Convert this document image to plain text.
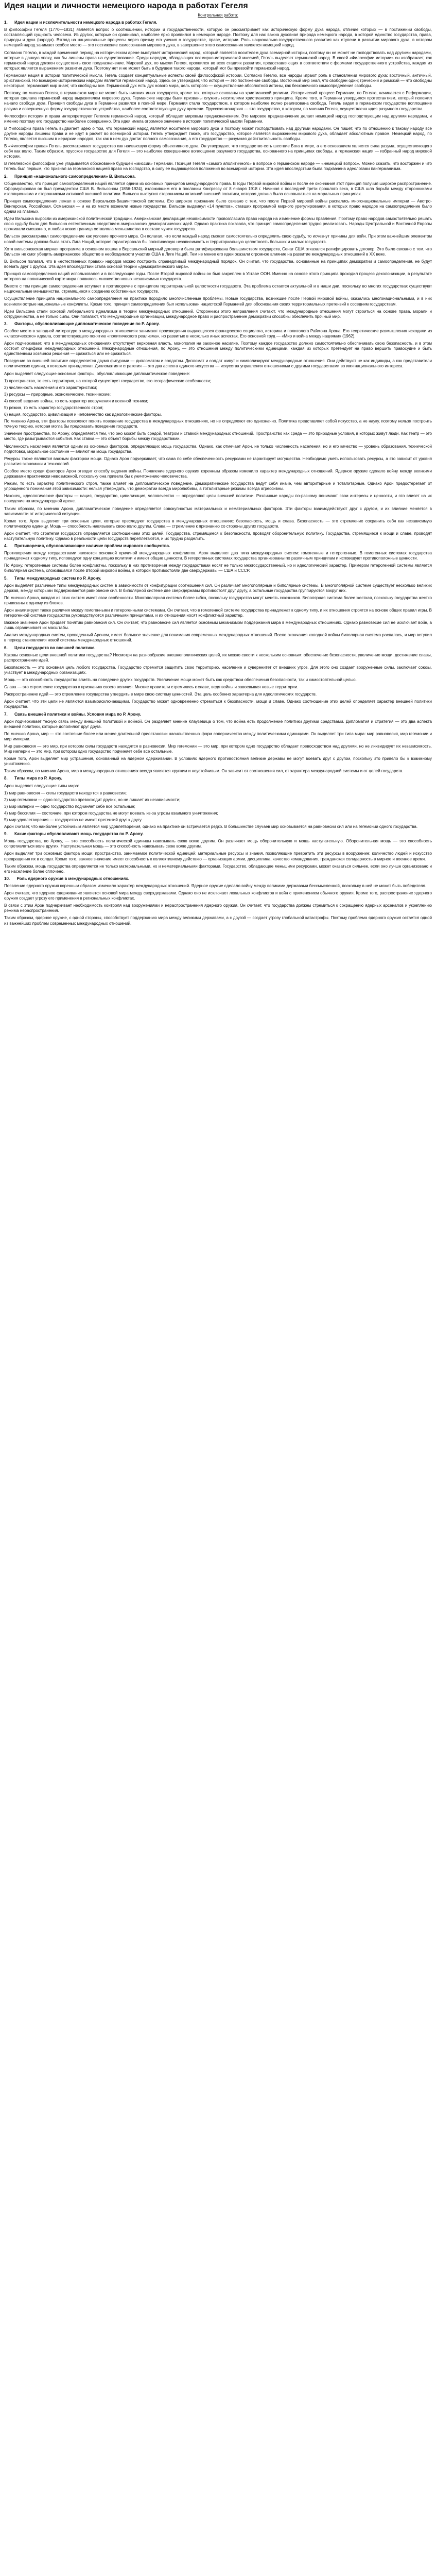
Идея нации и личности немецкого народа в работах Гегеля
Контрольная работа:
1.      Идея нации и исключительности немецкого народа в работах Гегеля.

В философии Гегеля (1770—1831) является вопрос о соотношении, истории и государственности, которую он рассматривает как историческую форму духа народа, отличие которых — в постижении свободы, составляющий сущность человека. Из других, которые он сравнивал, наиболее ярко проявился в немецком народе. Поэтому для нас важна духовная природа немецкого народа, в которой единство государства, права, природы и духа (народа). Взгляд на национальные процессы через призму его учения о государстве, праве, истории. Роль национально-государственного развития как ступени в развитии мирового духа, в котором немецкий народ занимает особое место — это постижение самосознания мирового духа, в завершение этого самосознания является немецкий народ.

Согласно Гегелю, в каждой временной период на историческом арене выступает исторический народ, который является носителем духа всемирной истории, поэтому он не может не господствовать над другими народами, которые в данную эпоху, как бы лишены права на существование. Среди народов, обладающих всемирно-исторической миссией, Гегель выделяет германский народ. В своей «Философии истории» он изображает, как германский народ должен осуществить свое предназначение. Мировой дух, по мысли Гегеля, проявился во всех стадиях развития, предоставляющих в соответствии с формами государственного устройства, каждая из которых является выражением развития духа. Поэтому нет и не может быть в будущем такого народа, который мог бы превзойти германский народ.

Германская нация в истории политической мысли. Гегель создает концептуальные аспекты своей философской истории. Согласно Гегелю, все народы играют роль в становлении мирового духа: восточный, античный, христианский. Но всемирно-историческим народом является германский народ. Здесь он утверждает, что история — это постижение свободы. Восточный мир знал, что свободен один; греческий и римский — что свободны некоторые; германский мир знает, что свободны все. Германский дух есть дух нового мира, цель которого — осуществление абсолютной истины, как бесконечного самоопределения свободы.

Поэтому, по мнению Гегеля, в германском мире не может быть никаких иных государств, кроме тех, которые основаны на христианской религии. Исторический процесс Германии, по Гегелю, начинается с Реформации, которая сделала германский народ выразителем мирового духа. Германские народы были призваны служить носителями христианского принципа. Кроме того, в Германии утвердился протестантизм, который положил начало свободе духа. Принцип свободы духа в Германии развился в полной мере. Германия стала государством, в котором наиболее полно реализована свобода. Гегель видел в германском государстве воплощение разума и совершенную форму государственного устройства, наиболее соответствующую духу времени. Прусская монархия — это государство, в котором, по мнению Гегеля, осуществлена идея разумного государства.

Философия истории и права интерпретируют Гегелем германский народ, который обладает мировым предназначением. Это мировое предназначение делает немецкий народ господствующим над другими народами, и именно поэтому его государство наиболее совершенно. Эта идея имела огромное значение в истории политической мысли Германии.

В Философии права Гегель выдвигает идею о том, что германский народ является носителем мирового духа и поэтому может господствовать над другими народами. Он пишет, что по отношению к такому народу все другие народы лишены права и не идут в расчет во всемирной истории. Гегель утверждает также, что государство, которое является выражением мирового духа, обладает абсолютным правом. Немецкий народ, по Гегелю, является высшим в иерархии народов, так как в нем дух достиг полного самосознания, а его государство — разумная действительность свободы.

В «Философии права» Гегель рассматривает государство как наивысшую форму объективного духа. Он утверждает, что государство есть шествие Бога в мире, а его основанием является сила разума, осуществляющего себя как волю. Таким образом, прусское государство для Гегеля — это наиболее совершенное воплощение разумного государства, основанного на принципах свободы, а германская нация — избранный народ мировой истории.

В гегелевской философии уже угадывается обоснование будущей «миссии» Германии. Позиция Гегеля «самого аполитичного» в вопросе о германском народе — «немецкий вопрос». Можно сказать, что восторжен и что Гегель был первым, кто признал за германской нацией право на господство, в силу ее выдающегося положения во всемирной истории. Эта идея впоследствии была подхвачена идеологами пангерманизма.

2.      Принцип «национального самоопределения» В. Вильсона.

Общеизвестно, что принцип самоопределения наций является одним из основных принципов международного права. В годы Первой мировой войны и после ее окончания этот принцип получил широкое распространение. Сформулирован он был президентом США В. Вильсоном (1856-1924), изложившим его в послании Конгрессу от 8 января 1918 г. Начиная с последней трети прошлого века, в США шла борьба между сторонниками изоляционизма и сторонниками активной внешней политики. Вильсон выступил сторонником активной внешней политики, которая должна была основываться на моральных принципах.

Принцип самоопределения лежал в основе Версальско-Вашингтонской системы. Его широкое признание было связано с тем, что после Первой мировой войны распались многонациональные империи — Австро-Венгерская, Российская, Османская — и на их месте возникли новые государства. Вильсон выдвинул «14 пунктов», ставших программой мирного урегулирования, в которых право народов на самоопределение было одним из главных.

Идеи Вильсона выросли из американской политической традиции. Американская декларация независимости провозгласила право народа на изменение формы правления. Поэтому право народов самостоятельно решать свою судьбу было для Вильсона естественным следствием американских демократических идей. Однако практика показала, что принцип самоопределения трудно реализовать. Народы Центральной и Восточной Европы проживали смешанно, и любая новая граница оставляла меньшинства в составе чужих государств.

Вильсон рассматривал самоопределение как условие прочного мира. Он полагал, что если каждый народ сможет самостоятельно определить свою судьбу, то исчезнут причины для войн. При этом важнейшим элементом новой системы должна была стать Лига Наций, которая гарантировала бы политическую независимость и территориальную целостность больших и малых государств.

Хотя вильсоновская мирная программа в основном вошла в Версальский мирный договор и была ратифицирована большинством государств, Сенат США отказался ратифицировать договор. Это было связано с тем, что Вильсон не смог убедить американское общество в необходимости участия США в Лиге Наций. Тем не менее его идеи оказали огромное влияние на развитие международных отношений в XX веке.

В. Вильсон полагал, что в «естественных правах» народов можно построить справедливый международный порядок. Он считал, что государства, основанные на принципах демократии и самоопределения, не будут воевать друг с другом. Эта идея впоследствии стала основой теории «демократического мира».

Принцип самоопределения наций использовался и в последующие годы. После Второй мировой войны он был закреплен в Уставе ООН. Именно на основе этого принципа проходил процесс деколонизации, в результате которого на политической карте мира появилось множество новых независимых государств.

Вместе с тем принцип самоопределения вступает в противоречие с принципом территориальной целостности государств. Эта проблема остается актуальной и в наши дни, поскольку во многих государствах существуют национальные меньшинства, стремящиеся к созданию собственных государств.

Осуществление принципа национального самоопределения на практике породило многочисленные проблемы. Новые государства, возникшие после Первой мировой войны, оказались многонациональными, и в них возникли острые национальные конфликты. Кроме того, принцип самоопределения был использован нацистской Германией для обоснования своих территориальных претензий к соседним государствам.

Идеи Вильсона стали основой либерального идеализма в теории международных отношений. Сторонники этого направления считают, что международные отношения могут строиться на основе права, морали и сотрудничества, а не только силы. Они полагают, что международные организации, международное право и распространение демократии способны обеспечить прочный мир.

3.      Факторы, обусловливающие дипломатическое поведение по Р. Арону.

Особое место в западной литературе о международных отношениях занимают произведения выдающегося французского социолога, историка и политолога Раймона Арона. Его теоретические размышления исходили из «классического» идеала, соответствующего понятию «политического реализма», но развитые в несколько иных аспектах. Его основной труд — «Мир и война между нациями» (1962).

Арон подчеркивает, что в международных отношениях отсутствует верховная власть, монополия на законное насилие. Поэтому каждое государство должно самостоятельно обеспечивать свою безопасность, и в этом состоит специфика международных отношений. Международные отношения, по Арону, — это отношения между политическими единицами, каждая из которых претендует на право вершить правосудие и быть единственным хозяином решения — сражаться или не сражаться.

Поведение во внешней политике определяется двумя фигурами — дипломатом и солдатом. Дипломат и солдат живут и символизируют международные отношения. Они действуют не как индивиды, а как представители политических единиц, к которым принадлежат. Дипломатия и стратегия — это два аспекта единого искусства — искусства управления отношениями с другими государствами во имя национального интереса.

Арон выделяет следующие основные факторы, обусловливающие дипломатическое поведение:

1) пространство, то есть территория, на которой существует государство, его географические особенности;

2) численность населения и его характеристики;

3) ресурсы — природные, экономические, технические;

4) способ ведения войны, то есть характер вооружения и военной техники;

5) режим, то есть характер государственного строя;

6) нация, государство, цивилизация и человечество как идеологические факторы.

По мнению Арона, эти факторы позволяют понять поведение государства в международных отношениях, но не определяют его однозначно. Политика представляет собой искусство, а не науку, поэтому нельзя построить точную теорию, которая могла бы предсказать поведение государств.

Значение пространства, по Арону, определяется тем, что оно может быть средой, театром и ставкой международных отношений. Пространство как среда — это природные условия, в которых живут люди. Как театр — это место, где разыгрываются события. Как ставка — это объект борьбы между государствами.

Численность населения является одним из основных факторов, определяющих мощь государства. Однако, как отмечает Арон, не только численность населения, но и его качество — уровень образования, технической подготовки, моральное состояние — влияют на мощь государства.

Ресурсы также являются важным фактором мощи. Однако Арон подчеркивает, что сама по себе обеспеченность ресурсами не гарантирует могущества. Необходимо уметь использовать ресурсы, а это зависит от уровня развития экономики и технологий.

Особое место среди факторов Арон отводит способу ведения войны. Появление ядерного оружия коренным образом изменило характер международных отношений. Ядерное оружие сделало войну между великими державами практически невозможной, поскольку она привела бы к уничтожению человечества.

Режим, то есть характер политического строя, также влияет на дипломатическое поведение. Демократические государства ведут себя иначе, чем авторитарные и тоталитарные. Однако Арон предостерегает от упрощенного понимания этой зависимости: нельзя утверждать, что демократии всегда миролюбивы, а тоталитарные режимы всегда агрессивны.

Наконец, идеологические факторы — нация, государство, цивилизация, человечество — определяют цели внешней политики. Различные народы по-разному понимают свои интересы и ценности, и это влияет на их поведение на международной арене.

Таким образом, по мнению Арона, дипломатическое поведение определяется совокупностью материальных и нематериальных факторов. Эти факторы взаимодействуют друг с другом, и их влияние меняется в зависимости от исторической ситуации.

Кроме того, Арон выделяет три основные цели, которые преследуют государства в международных отношениях: безопасность, мощь и слава. Безопасность — это стремление сохранить себя как независимую политическую единицу. Мощь — способность навязывать свою волю другим. Слава — стремление к признанию со стороны других государств.

Арон считает, что стратегия государств определяется соотношением этих целей. Государства, стремящиеся к безопасности, проводят оборонительную политику. Государства, стремящиеся к мощи и славе, проводят наступательную политику. Однако в реальности цели государств переплетаются, и их трудно разделить.

4.      Противоречия, обусловливающие наличие проблем мирового сообщества.

Противоречия между государствами являются основной причиной международных конфликтов. Арон выделяет два типа международных систем: гомогенные и гетерогенные. В гомогенных системах государства принадлежат к одному типу, исповедуют одну концепцию политики и имеют общие ценности. В гетерогенных системах государства организованы по различным принципам и исповедуют противоположные ценности.

По Арону, гетерогенные системы более конфликтны, поскольку в них противоречия между государствами носят не только межгосударственный, но и идеологический характер. Примером гетерогенной системы является биполярная система, сложившаяся после Второй мировой войны, в которой противостояли две сверхдержавы — США и СССР.

5.      Типы международных систем по Р. Арону.

Арон выделяет различные типы международных систем в зависимости от конфигурации соотношения сил. Он различает многополярные и биполярные системы. В многополярной системе существует несколько великих держав, между которыми поддерживается равновесие сил. В биполярной системе две сверхдержавы противостоят друг другу, а остальные государства группируются вокруг них.

По мнению Арона, каждая из этих систем имеет свои особенности. Многополярная система более гибка, поскольку государства могут менять союзников. Биполярная система более жесткая, поскольку государства жестко привязаны к одному из блоков.

Арон анализирует также различия между гомогенными и гетерогенными системами. Он считает, что в гомогенной системе государства принадлежат к одному типу, и их отношения строятся на основе общих правил игры. В гетерогенной системе государства руководствуются различными принципами, и их отношения носят конфликтный характер.

Важное значение Арон придает понятию равновесия сил. Он считает, что равновесие сил является основным механизмом поддержания мира в международных отношениях. Однако равновесие сил не исключает войн, а лишь ограничивает их масштабы.

Анализ международных систем, проведенный Ароном, имеет большое значение для понимания современных международных отношений. После окончания холодной войны биполярная система распалась, и мир вступил в период становления новой системы международных отношений.

6.      Цели государств во внешней политике.

Каковы основные цели внешней политики государства? Несмотря на разнообразие внешнеполитических целей, их можно свести к нескольким основным: обеспечение безопасности, увеличение мощи, достижение славы, распространение идей.

Безопасность — это основная цель любого государства. Государство стремится защитить свою территорию, население и суверенитет от внешних угроз. Для этого оно создает вооруженные силы, заключает союзы, участвует в международных организациях.

Мощь — это способность государства влиять на поведение других государств. Увеличение мощи может быть как средством обеспечения безопасности, так и самостоятельной целью.

Слава — это стремление государства к признанию своего величия. Многие правители стремились к славе, ведя войны и завоевывая новые территории.

Распространение идей — это стремление государства утвердить в мире свою систему ценностей. Эта цель особенно характерна для идеологических государств.

Арон считает, что эти цели не являются взаимоисключающими. Государство может одновременно стремиться к безопасности, мощи и славе. Однако соотношение этих целей определяет характер внешней политики государства.

7.      Связь внешней политики и войны. Условия мира по Р. Арону.

Арон подчеркивает тесную связь между внешней политикой и войной. Он разделяет мнение Клаузевица о том, что война есть продолжение политики другими средствами. Дипломатия и стратегия — это два аспекта внешней политики, которые дополняют друг друга.

По мнению Арона, мир — это состояние более или менее длительной приостановки насильственных форм соперничества между политическими единицами. Он выделяет три типа мира: мир равновесия, мир гегемонии и мир империи.

Мир равновесия — это мир, при котором силы государств находятся в равновесии. Мир гегемонии — это мир, при котором одно государство обладает превосходством над другими, но не ликвидирует их независимость. Мир империи — это мир, при котором одно государство подчиняет себе все остальные.

Кроме того, Арон выделяет мир устрашения, основанный на ядерном сдерживании. В условиях ядерного противостояния великие державы не могут воевать друг с другом, поскольку это привело бы к взаимному уничтожению.

Таким образом, по мнению Арона, мир в международных отношениях всегда является хрупким и неустойчивым. Он зависит от соотношения сил, от характера международной системы и от целей государств.

8.      Типы мира по Р. Арону.

Арон выделяет следующие типы мира:

1) мир равновесия — силы государств находятся в равновесии;

2) мир гегемонии — одно государство превосходит других, но не лишает их независимости;

3) мир империи — одно государство подчиняет себе все остальные;

4) мир бессилия — состояние, при котором государства не могут воевать из-за угрозы взаимного уничтожения;

5) мир удовлетворения — государства не имеют претензий друг к другу.

Арон считает, что наиболее устойчивым является мир удовлетворения, однако на практике он встречается редко. В большинстве случаев мир основывается на равновесии сил или на гегемонии одного государства.

9.      Какие факторы обусловливают мощь государства по Р. Арону.

Мощь государства, по Арону, — это способность политической единицы навязывать свою волю другим. Он различает мощь оборонительную и мощь наступательную. Оборонительная мощь — это способность сопротивляться воле других. Наступательная мощь — это способность навязывать свою волю другим.

Арон выделяет три основных фактора мощи: пространство, занимаемое политической единицей; материальные ресурсы и знания, позволяющие превратить эти ресурсы в вооружение; количество людей и искусство превращения их в солдат. Кроме того, важное значение имеет способность к коллективному действию — организация армии, дисциплина, качество командования, гражданская солидарность в мирное и военное время.

Таким образом, мощь государства определяется не только материальными, но и нематериальными факторами. Государство, обладающее меньшими ресурсами, может оказаться сильнее, если оно лучше организовано и его население более сплочено.

10.      Роль ядерного оружия в международных отношениях.

Появление ядерного оружия коренным образом изменило характер международных отношений. Ядерное оружие сделало войну между великими державами бессмысленной, поскольку в ней не может быть победителя.

Арон считает, что ядерное сдерживание является основой мира между сверхдержавами. Однако оно не исключает локальных конфликтов и войн с применением обычного оружия. Кроме того, распространение ядерного оружия создает угрозу его применения в региональных конфликтах.

В связи с этим Арон подчеркивает необходимость контроля над вооружениями и нераспространения ядерного оружия. Он считает, что государства должны стремиться к сокращению ядерных арсеналов и укреплению режима нераспространения.

Таким образом, ядерное оружие, с одной стороны, способствует поддержанию мира между великими державами, а с другой — создает угрозу глобальной катастрофы. Поэтому проблема ядерного оружия остается одной из важнейших проблем современных международных отношений.
